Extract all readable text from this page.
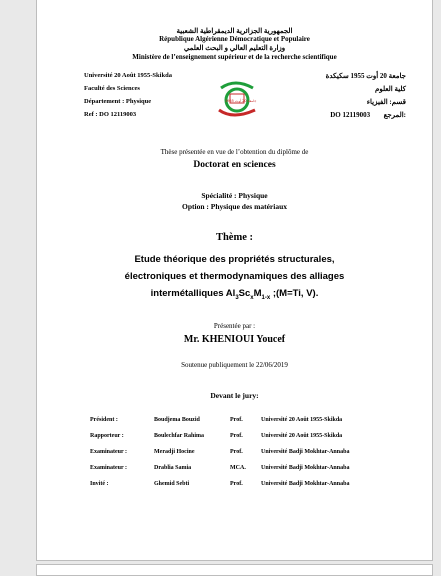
الجمهورية الجزائرية الديمقراطية الشعبية
République Algérienne Démocratique et Populaire
وزارة التعليم العالي و البحث العلمي
Ministère de l’enseignement supérieur et de la recherche scientifique
Université 20 Août 1955-Skikda
Faculté des Sciences
Département : Physique
Ref : DO 12119003
1955 جامعة 20 أوت
جامعة 20 أوت 1955 سكيكدة
كلية العلوم
قسم: الفيزياء
DO 12119003 المرجع:
Thèse présentée en vue de l’obtention du diplôme de
Doctorat en sciences
Spécialité : Physique
Option : Physique des matériaux
Thème :
Etude théorique des propriétés structurales,
électroniques et thermodynamiques des alliages
intermétalliques $Al_3Sc_xM_{1-x}$ ;(M=Ti, V).
Présentée par :
Mr. KHENIOUI Youcef
Soutenue publiquement le 22/06/2019
Devant le jury:
Président :	Boudjema Bouzid	Prof.	Université 20 Août 1955-Skikda
Rapporteur :	Boulechfar Rahima	Prof.	Université 20 Août 1955-Skikda
Examinateur :	Meradji Hocine	Prof.	Université Badji Mokhtar-Annaba
Examinateur :	Drablia Samia	MCA.	Université Badji Mokhtar-Annaba
Invité :	Ghemid Sebti	Prof.	Université Badji Mokhtar-Annaba
